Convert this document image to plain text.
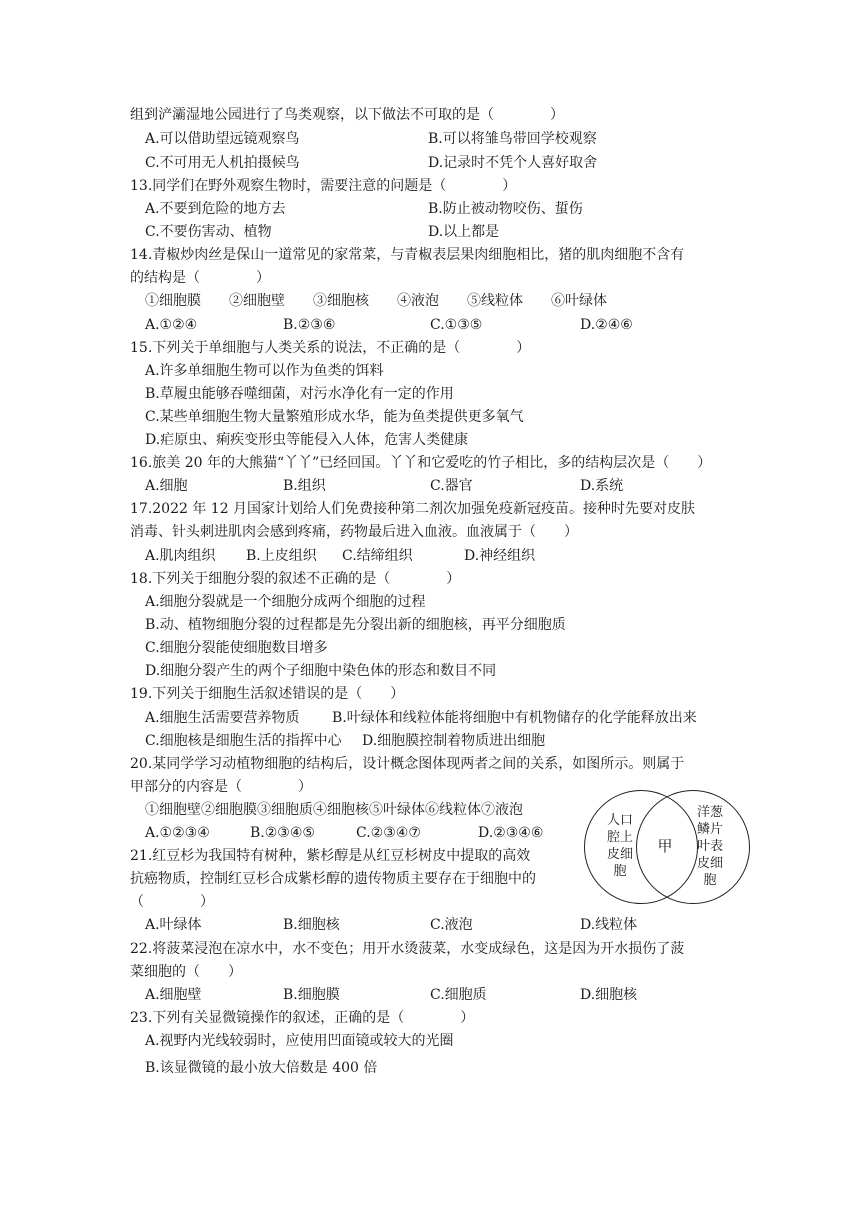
组到浐灞湿地公园进行了鸟类观察，以下做法不可取的是（　　　　）
A.可以借助望远镜观察鸟	B.可以将雏鸟带回学校观察
C.不可用无人机拍摄候鸟	D.记录时不凭个人喜好取舍
13.同学们在野外观察生物时，需要注意的问题是（　　　　）
A.不要到危险的地方去	B.防止被动物咬伤、蜇伤
C.不要伤害动、植物	D.以上都是
14.青椒炒肉丝是保山一道常见的家常菜，与青椒表层果肉细胞相比，猪的肌肉细胞不含有
的结构是（　　　　）
①细胞膜　　②细胞壁　　③细胞核　　④液泡　　⑤线粒体　　⑥叶绿体
A.①②④	B.②③⑥	C.①③⑤	D.②④⑥
15.下列关于单细胞与人类关系的说法，不正确的是（　　　　）
A.许多单细胞生物可以作为鱼类的饵料
B.草履虫能够吞噬细菌，对污水净化有一定的作用
C.某些单细胞生物大量繁殖形成水华，能为鱼类提供更多氧气
D.疟原虫、痢疾变形虫等能侵入人体，危害人类健康
16.旅美 20 年的大熊猫“丫丫”已经回国。丫丫和它爱吃的竹子相比，多的结构层次是（　　）
A.细胞	B.组织	C.器官	D.系统
17.2022 年 12 月国家计划给人们免费接种第二剂次加强免疫新冠疫苗。接种时先要对皮肤
消毒、针头刺进肌肉会感到疼痛，药物最后进入血液。血液属于（　　）
A.肌肉组织 B.上皮组织 C.结缔组织	D.神经组织
18.下列关于细胞分裂的叙述不正确的是（　　　　）
A.细胞分裂就是一个细胞分成两个细胞的过程
B.动、植物细胞分裂的过程都是先分裂出新的细胞核，再平分细胞质
C.细胞分裂能使细胞数目增多
D.细胞分裂产生的两个子细胞中染色体的形态和数目不同
19.下列关于细胞生活叙述错误的是（　　）
A.细胞生活需要营养物质 B.叶绿体和线粒体能将细胞中有机物储存的化学能释放出来
C.细胞核是细胞生活的指挥中心 D.细胞膜控制着物质进出细胞
20.某同学学习动植物细胞的结构后，设计概念图体现两者之间的关系，如图所示。则属于
甲部分的内容是（　　　　）
①细胞壁②细胞膜③细胞质④细胞核⑤叶绿体⑥线粒体⑦液泡
A.①②③④	B.②③④⑤	C.②③④⑦	D.②③④⑥
人口
腔上
皮细
胞
甲
洋葱
鳞片
叶表
皮细
胞
21.红豆杉为我国特有树种，紫杉醇是从红豆杉树皮中提取的高效
抗癌物质，控制红豆杉合成紫杉醇的遗传物质主要存在于细胞中的
（　　　　）
A.叶绿体	B.细胞核	C.液泡	D.线粒体
22.将菠菜浸泡在凉水中，水不变色；用开水烫菠菜，水变成绿色，这是因为开水损伤了菠
菜细胞的（　　）
A.细胞壁	B.细胞膜	C.细胞质	D.细胞核
23.下列有关显微镜操作的叙述，正确的是（　　　　）
A.视野内光线较弱时，应使用凹面镜或较大的光圈
B.该显微镜的最小放大倍数是 400 倍
